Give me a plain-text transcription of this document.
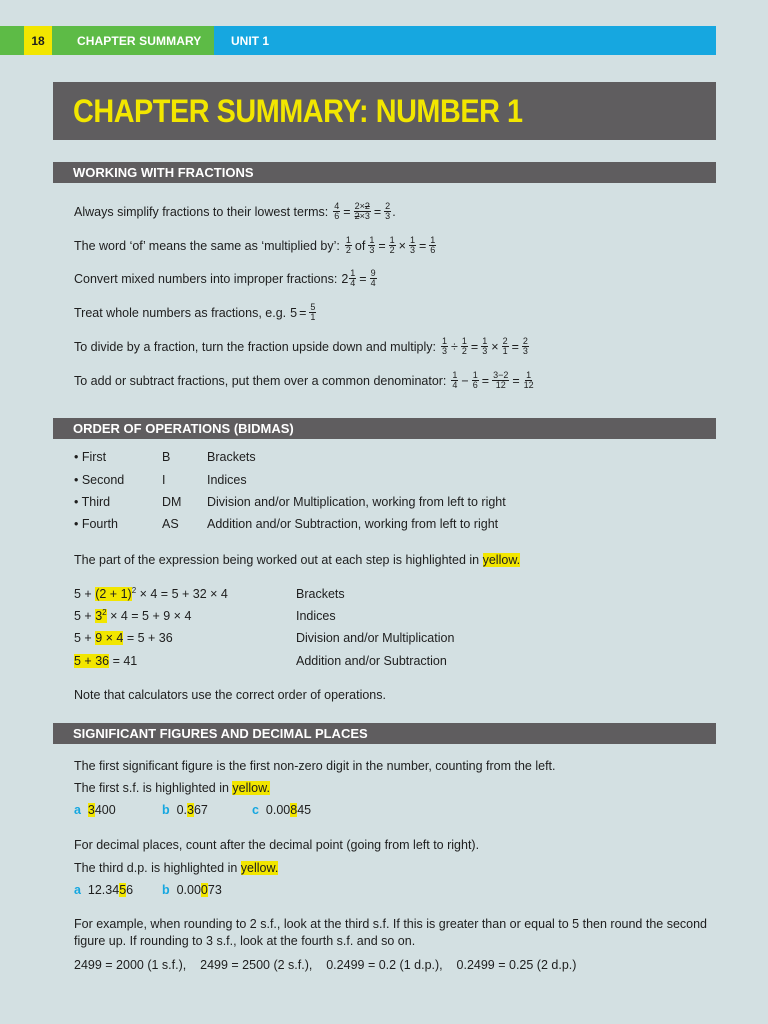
18	CHAPTER SUMMARY	UNIT 1
CHAPTER SUMMARY: NUMBER 1
WORKING WITH FRACTIONS
Always simplify fractions to their lowest terms: $\frac{4}{6} = \frac{2\times 2}{2\times 3} = \frac{2}{3}$ .
The word ‘of’ means the same as ‘multiplied by’: $\frac{1}{2}$ of $\frac{1}{3} = \frac{1}{2} \times \frac{1}{3} = \frac{1}{6}$
Convert mixed numbers into improper fractions: $2 \frac{1}{4} = \frac{9}{4}$
Treat whole numbers as fractions, e.g. $5 = \frac{5}{1}$
To divide by a fraction, turn the fraction upside down and multiply: $\frac{1}{3} \div \frac{1}{2} = \frac{1}{3} \times \frac{2}{1} = \frac{2}{3}$
To add or subtract fractions, put them over a common denominator: $\frac{1}{4} - \frac{1}{6} = \frac{3-2}{12} = \frac{1}{12}$
ORDER OF OPERATIONS (BIDMAS)
• First	B	Brackets
• Second	I	Indices
• Third	DM Division and/or Multiplication, working from left to right
• Fourth	AS Addition and/or Subtraction, working from left to right
The part of the expression being worked out at each step is highlighted in yellow.
$5 + (2 + 1)^2 \times 4 = 5 + 32 \times 4$	Brackets
$5 + 3^2 \times 4 = 5 + 9 \times 4$	Indices
5 + 9 × 4 = 5 + 36	Division and/or Multiplication
5 + 36 = 41	Addition and/or Subtraction
Note that calculators use the correct order of operations.
SIGNIFICANT FIGURES AND DECIMAL PLACES
The first significant figure is the first non-zero digit in the number, counting from the left.
The first s.f. is highlighted in yellow.
a 3400	b  0.367	c  0.00845
For decimal places, count after the decimal point (going from left to right).
The third d.p. is highlighted in yellow.
a  12.3456 b  0.00073
For example, when rounding to 2 s.f., look at the third s.f. If this is greater than or equal to 5 then round the second
figure up. If rounding to 3 s.f., look at the fourth s.f. and so on.
2499 = 2000 (1 s.f.),    2499 = 2500 (2 s.f.),    0.2499 = 0.2 (1 d.p.),    0.2499 = 0.25 (2 d.p.)
